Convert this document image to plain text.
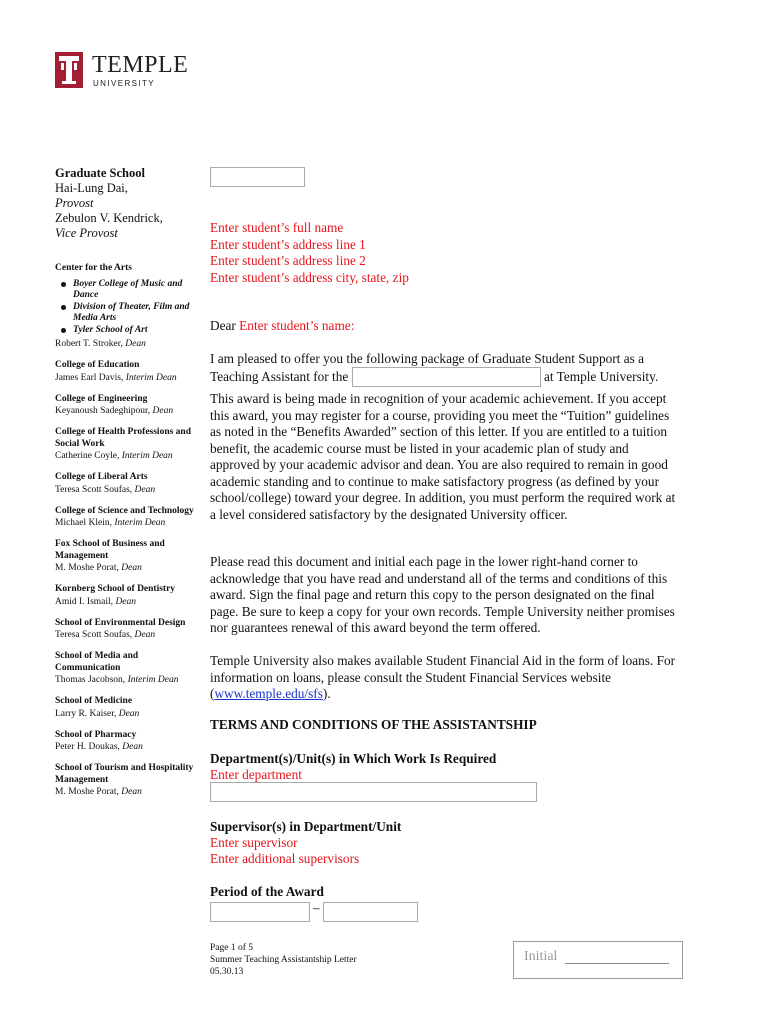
TEMPLE
UNIVERSITY
Graduate School
Hai-Lung Dai,
Provost
Zebulon V. Kendrick,
Vice Provost
Center for the Arts
Boyer College of Music and Dance
Division of Theater, Film and Media Arts
Tyler School of Art
Robert T. Stroker, Dean
College of Education
James Earl Davis, Interim Dean
College of Engineering
Keyanoush Sadeghipour, Dean
College of Health Professions and Social Work
Catherine Coyle, Interim Dean
College of Liberal Arts
Teresa Scott Soufas, Dean
College of Science and Technology
Michael Klein, Interim Dean
Fox School of Business and Management
M. Moshe Porat, Dean
Kornberg School of Dentistry
Amid I. Ismail, Dean
School of Environmental Design
Teresa Scott Soufas, Dean
School of Media and Communication
Thomas Jacobson, Interim Dean
School of Medicine
Larry R. Kaiser, Dean
School of Pharmacy
Peter H. Doukas, Dean
School of Tourism and Hospitality Management
M. Moshe Porat, Dean
Enter student’s full name
Enter student’s address line 1
Enter student’s address line 2
Enter student’s address city, state, zip
Dear Enter student’s name:
I am pleased to offer you the following package of Graduate Student Support as a Teaching Assistant for the	at Temple University.
This award is being made in recognition of your academic achievement. If you accept this award, you may register for a course, providing you meet the “Tuition” guidelines as noted in the “Benefits Awarded” section of this letter. If you are entitled to a tuition benefit, the academic course must be listed in your academic plan of study and approved by your academic advisor and dean. You are also required to remain in good academic standing and to continue to make satisfactory progress (as defined by your school/college) toward your degree. In addition, you must perform the required work at a level considered satisfactory by the designated University officer.
Please read this document and initial each page in the lower right-hand corner to acknowledge that you have read and understand all of the terms and conditions of this award. Sign the final page and return this copy to the person designated on the final page. Be sure to keep a copy for your own records. Temple University neither promises nor guarantees renewal of this award beyond the term offered.
Temple University also makes available Student Financial Aid in the form of loans. For information on loans, please consult the Student Financial Services website (www.temple.edu/sfs).
TERMS AND CONDITIONS OF THE ASSISTANTSHIP
Department(s)/Unit(s) in Which Work Is Required
Enter department
Supervisor(s) in Department/Unit
Enter supervisor
Enter additional supervisors
Period of the Award
–
Page 1 of 5
Summer Teaching Assistantship Letter
05.30.13
Initial
